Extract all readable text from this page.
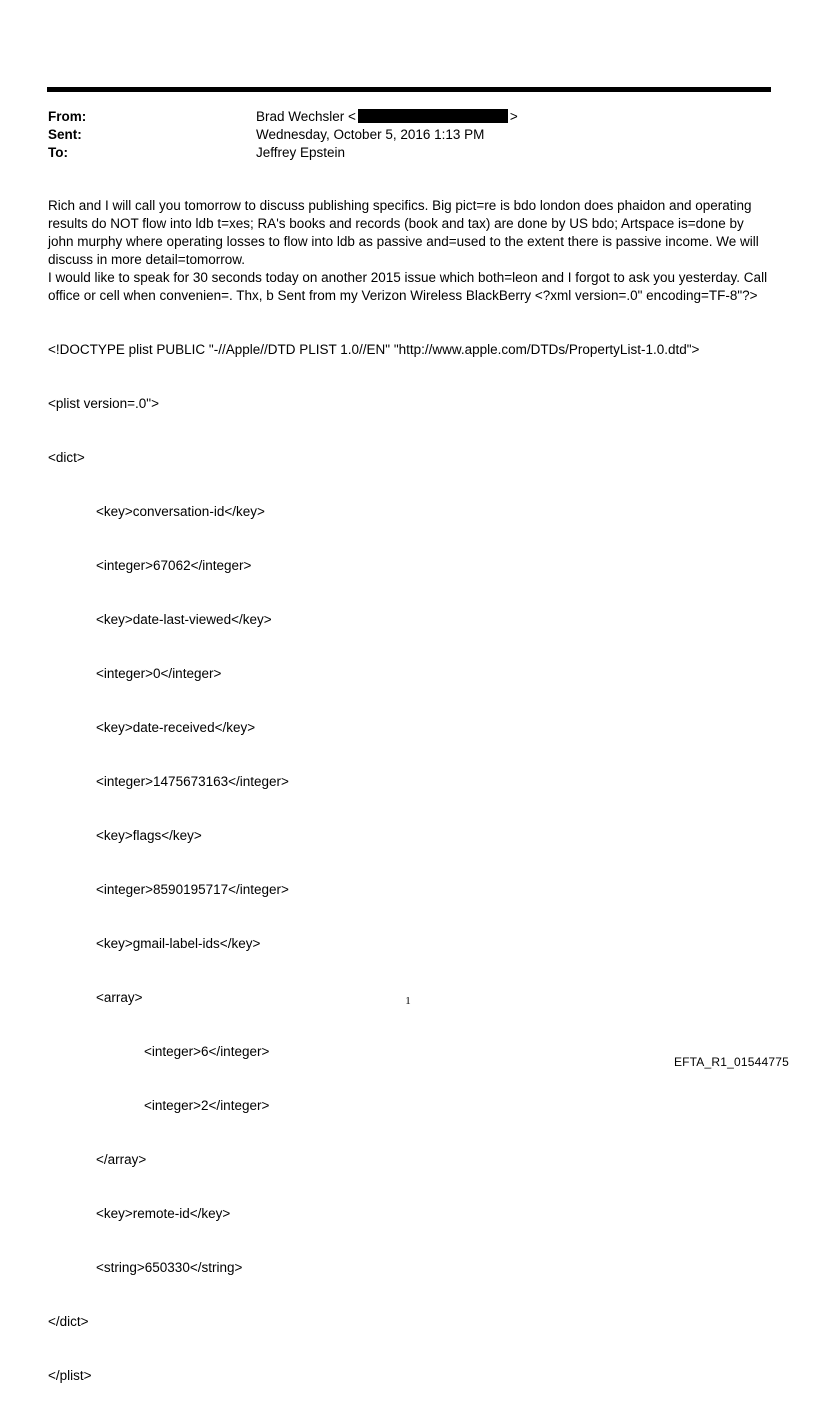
From:	Brad Wechsler <	>
Sent:	Wednesday, October 5, 2016 1:13 PM
To:	Jeffrey Epstein

Rich and I will call you tomorrow to discuss publishing specifics. Big pict=re is bdo london does phaidon and operating results do NOT flow into ldb t=xes; RA's books and records (book and tax) are done by US bdo; Artspace is=done by john murphy where operating losses to flow into ldb as passive and=used to the extent there is passive income. We will discuss in more detail=tomorrow.

I would like to speak for 30 seconds today on another 2015 issue which both=leon and I forgot to ask you yesterday. Call office or cell when convenien=. Thx, b Sent from my Verizon Wireless BlackBerry <?xml version=.0" encoding=TF-8"?>

<!DOCTYPE plist PUBLIC "-//Apple//DTD PLIST 1.0//EN" "http://www.apple.com/DTDs/PropertyList-1.0.dtd">

<plist version=.0">

<dict>

<key>conversation-id</key>

<integer>67062</integer>

<key>date-last-viewed</key>

<integer>0</integer>

<key>date-received</key>

<integer>1475673163</integer>

<key>flags</key>

<integer>8590195717</integer>

<key>gmail-label-ids</key>

<array>

<integer>6</integer>

<integer>2</integer>

</array>

<key>remote-id</key>

<string>650330</string>

</dict>

</plist>

1
EFTA_R1_01544775
